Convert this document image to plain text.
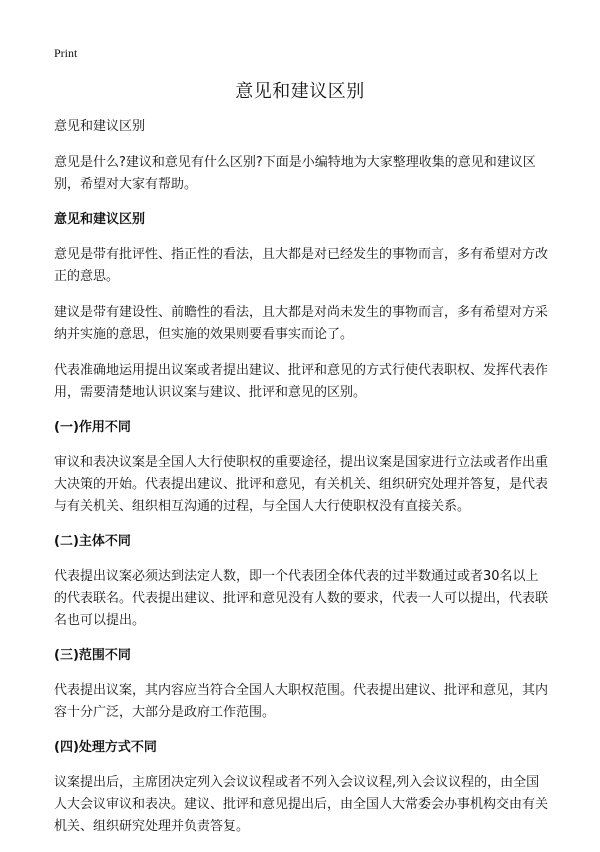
Print
意见和建议区别
意见和建议区别
意见是什么?建议和意见有什么区别?下面是小编特地为大家整理收集的意见和建议区别，希望对大家有帮助。
意见和建议区别
意见是带有批评性、指正性的看法，且大都是对已经发生的事物而言，多有希望对方改正的意思。
建议是带有建设性、前瞻性的看法，且大都是对尚未发生的事物而言，多有希望对方采纳并实施的意思，但实施的效果则要看事实而论了。
代表准确地运用提出议案或者提出建议、批评和意见的方式行使代表职权、发挥代表作用，需要清楚地认识议案与建议、批评和意见的区别。
(一)作用不同
审议和表决议案是全国人大行使职权的重要途径，提出议案是国家进行立法或者作出重大决策的开始。代表提出建议、批评和意见，有关机关、组织研究处理并答复，是代表与有关机关、组织相互沟通的过程，与全国人大行使职权没有直接关系。
(二)主体不同
代表提出议案必须达到法定人数，即一个代表团全体代表的过半数通过或者30名以上的代表联名。代表提出建议、批评和意见没有人数的要求，代表一人可以提出，代表联名也可以提出。
(三)范围不同
代表提出议案，其内容应当符合全国人大职权范围。代表提出建议、批评和意见，其内容十分广泛，大部分是政府工作范围。
(四)处理方式不同
议案提出后，主席团决定列入会议议程或者不列入会议议程,列入会议议程的，由全国人大会议审议和表决。建议、批评和意见提出后，由全国人大常委会办事机构交由有关机关、组织研究处理并负责答复。
